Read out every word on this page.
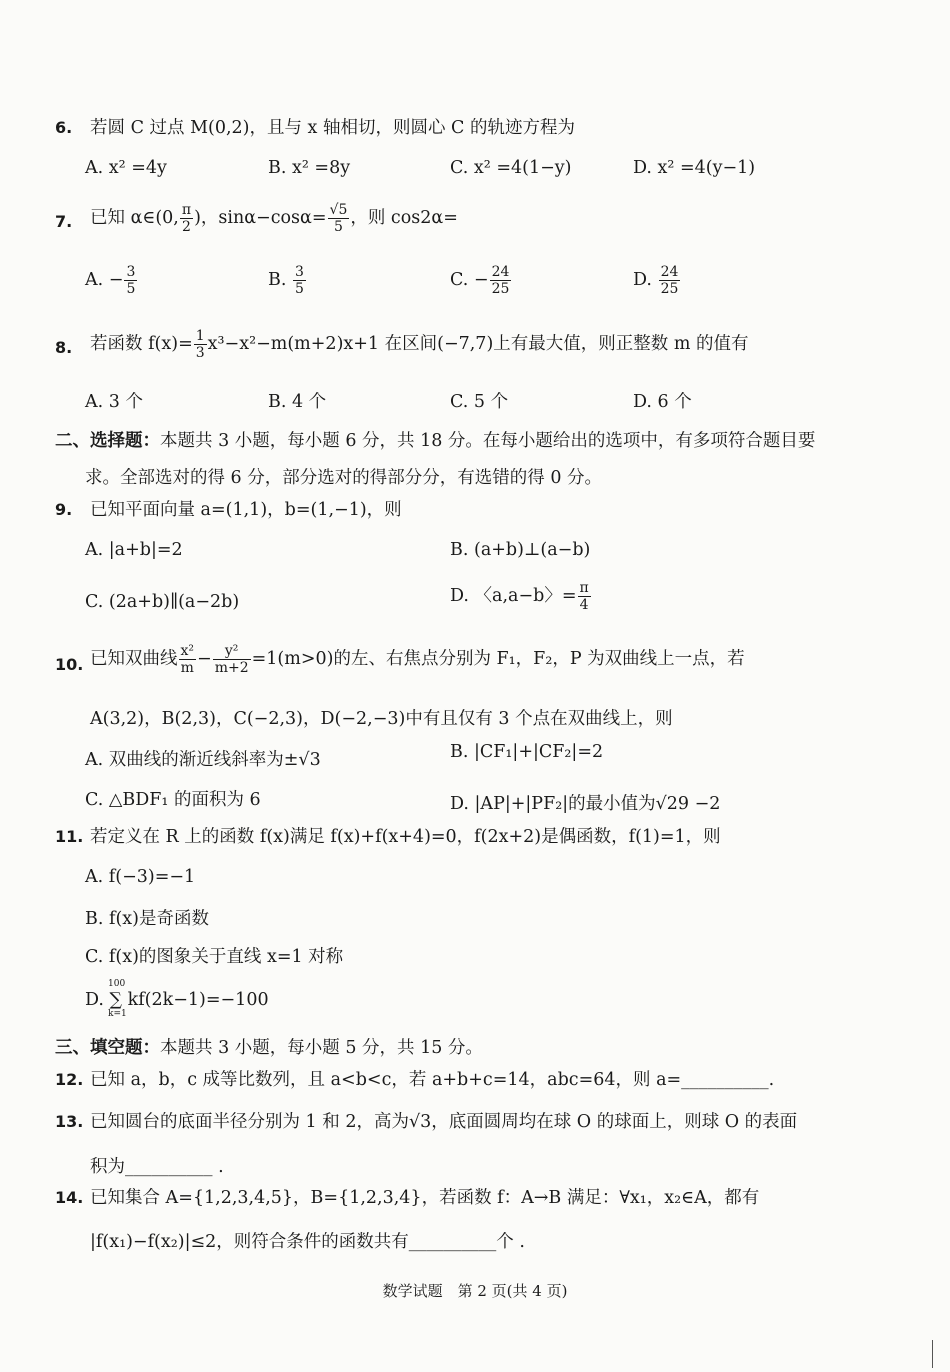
6. 若圆 C 过点 M(0,2)，且与 x 轴相切，则圆心 C 的轨迹方程为
A. x² =4y	B. x² =8y	C. x² =4(1−y)	D. x² =4(y−1)
7. 已知 α∈(0, $\frac{\pi}{2}$ )，$\sin\alpha-\cos\alpha= \frac{√5}{5}$ ，则 cos2α=
A. − $\frac{3}{5}$	B. $\frac{3}{5}$	C. − $\frac{24}{25}$	D. $\frac{24}{25}$
8. 若函数 $f(x)= \frac{1}{3} x^3-x^2-m(m+2)x+1$ 在区间(−7,7)上有最大值，则正整数 m 的值有
A. 3 个	B. 4 个	C. 5 个	D. 6 个
二、选择题：本题共 3 小题，每小题 6 分，共 18 分。在每小题给出的选项中，有多项符合题目要
求。全部选对的得 6 分，部分选对的得部分分，有选错的得 0 分。
9. 已知平面向量 a=(1,1)，b=(1,−1)，则
A. |a+b|=2	B. (a+b)⊥(a−b)
C. (2a+b)∥(a−2b)	D. 〈a,a−b〉= $\frac{\pi}{4}$
10. 已知双曲线 $\frac{\text{x²}}{m} - \frac{\text{y²}}{m+2} =1(m>0)$的左、右焦点分别为 F₁，F₂，P 为双曲线上一点，若
A(3,2)，B(2,3)，C(−2,3)，D(−2,−3)中有且仅有 3 个点在双曲线上，则
A. 双曲线的渐近线斜率为±√3	B. |CF₁|+|CF₂|=2
C. △BDF₁ 的面积为 6	D. |AP|+|PF₂|的最小值为√29 −2
11. 若定义在 R 上的函数 f(x)满足 f(x)+f(x+4)=0，f(2x+2)是偶函数，f(1)=1，则
A. f(−3)=−1
B. f(x)是奇函数
C. f(x)的图象关于直线 x=1 对称
D. ∑ kf(2k−1)=−100
100
k=1
三、填空题：本题共 3 小题，每小题 5 分，共 15 分。
12. 已知 a，b，c 成等比数列，且 a<b<c，若 a+b+c=14，abc=64，则 a=__________.
13. 已知圆台的底面半径分别为 1 和 2，高为√3，底面圆周均在球 O 的球面上，则球 O 的表面
积为__________ .
14. 已知集合 A={1,2,3,4,5}，B={1,2,3,4}，若函数 f：A→B 满足：∀x₁，x₂∈A，都有
|f(x₁)−f(x₂)|≤2，则符合条件的函数共有__________个 .
数学试题　第 2 页(共 4 页)
